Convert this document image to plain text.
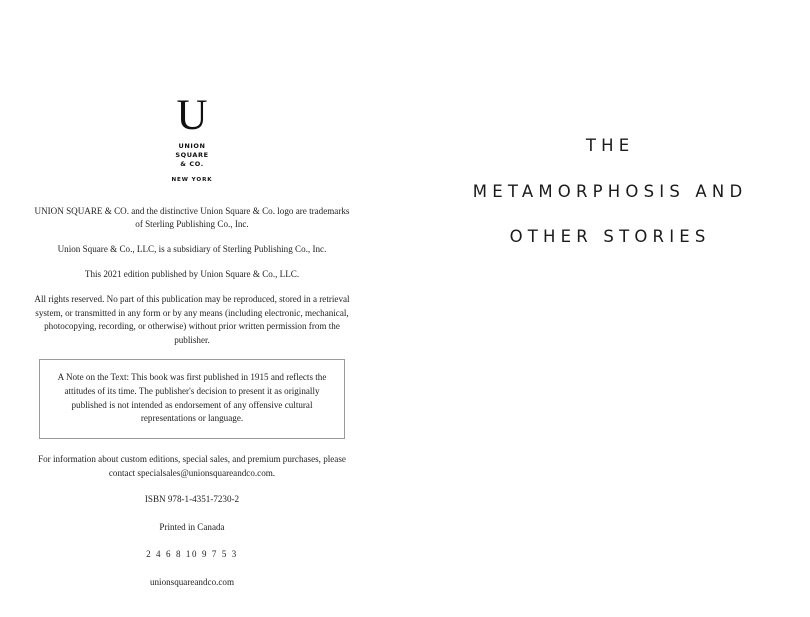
U
UNION
SQUARE
& CO.
NEW YORK

UNION SQUARE & CO. and the distinctive Union Square & Co. logo are trademarks of Sterling Publishing Co., Inc.

Union Square & Co., LLC, is a subsidiary of Sterling Publishing Co., Inc.

This 2021 edition published by Union Square & Co., LLC.

All rights reserved. No part of this publication may be reproduced, stored in a retrieval system, or transmitted in any form or by any means (including electronic, mechanical, photocopying, recording, or otherwise) without prior written permission from the publisher.

A Note on the Text: This book was first published in 1915 and reflects the attitudes of its time. The publisher's decision to present it as originally published is not intended as endorsement of any offensive cultural representations or language.

For information about custom editions, special sales, and premium purchases, please contact specialsales@unionsquareandco.com.

ISBN 978-1-4351-7230-2

Printed in Canada

2 4 6 8 10 9 7 5 3

unionsquareandco.com

THE
METAMORPHOSIS AND
OTHER STORIES
